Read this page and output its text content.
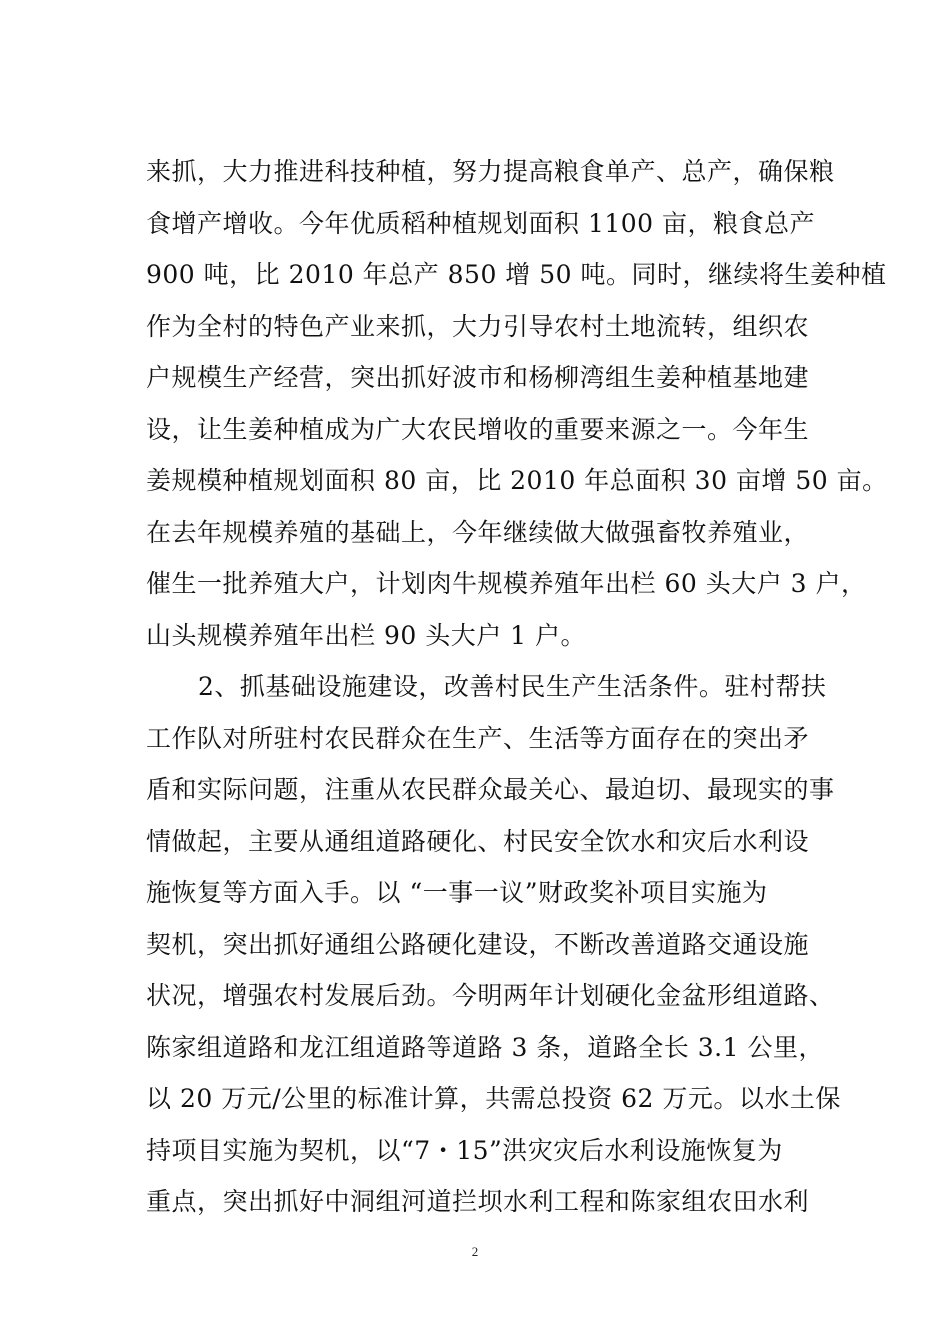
来抓，大力推进科技种植，努力提高粮食单产、总产，确保粮
食增产增收。今年优质稻种植规划面积 1100 亩，粮食总产
900 吨，比 2010 年总产 850 增 50 吨。同时，继续将生姜种植
作为全村的特色产业来抓，大力引导农村土地流转，组织农
户规模生产经营，突出抓好波市和杨柳湾组生姜种植基地建
设，让生姜种植成为广大农民增收的重要来源之一。今年生
姜规模种植规划面积 80 亩，比 2010 年总面积 30 亩增 50 亩。
在去年规模养殖的基础上，今年继续做大做强畜牧养殖业，
催生一批养殖大户，计划肉牛规模养殖年出栏 60 头大户 3 户，
山头规模养殖年出栏 90 头大户 1 户。
2、抓基础设施建设，改善村民生产生活条件。驻村帮扶
工作队对所驻村农民群众在生产、生活等方面存在的突出矛
盾和实际问题，注重从农民群众最关心、最迫切、最现实的事
情做起，主要从通组道路硬化、村民安全饮水和灾后水利设
施恢复等方面入手。以 “一事一议”财政奖补项目实施为
契机，突出抓好通组公路硬化建设，不断改善道路交通设施
状况，增强农村发展后劲。今明两年计划硬化金盆形组道路、
陈家组道路和龙江组道路等道路 3 条，道路全长 3.1 公里，
以 20 万元/公里的标准计算，共需总投资 62 万元。以水土保
持项目实施为契机，以“7・15”洪灾灾后水利设施恢复为
重点，突出抓好中洞组河道拦坝水利工程和陈家组农田水利
2
